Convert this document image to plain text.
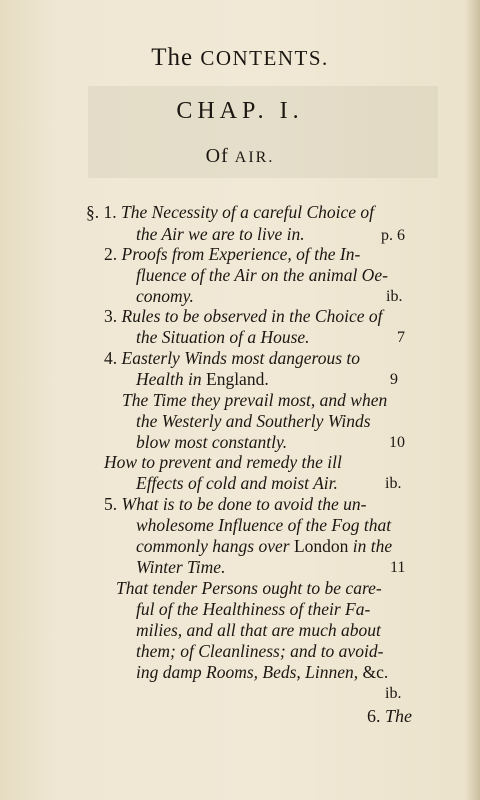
The CONTENTS.
CHAP. I.
Of AIR.
§. 1. The Necessity of a careful Choice of
the Air we are to live in.	p. 6
2. Proofs from Experience, of the In-
fluence of the Air on the animal Oe-
conomy.	ib.
3. Rules to be observed in the Choice of
the Situation of a House.	7
4. Easterly Winds most dangerous to
Health in England.	9
The Time they prevail most, and when
the Westerly and Southerly Winds
blow most constantly.	10
How to prevent and remedy the ill
Effects of cold and moist Air.	ib.
5. What is to be done to avoid the un-
wholesome Influence of the Fog that
commonly hangs over London in the
Winter Time.	11
That tender Persons ought to be care-
ful of the Healthiness of their Fa-
milies, and all that are much about
them; of Cleanliness; and to avoid-
ing damp Rooms, Beds, Linnen, &c.
ib.
6. The
